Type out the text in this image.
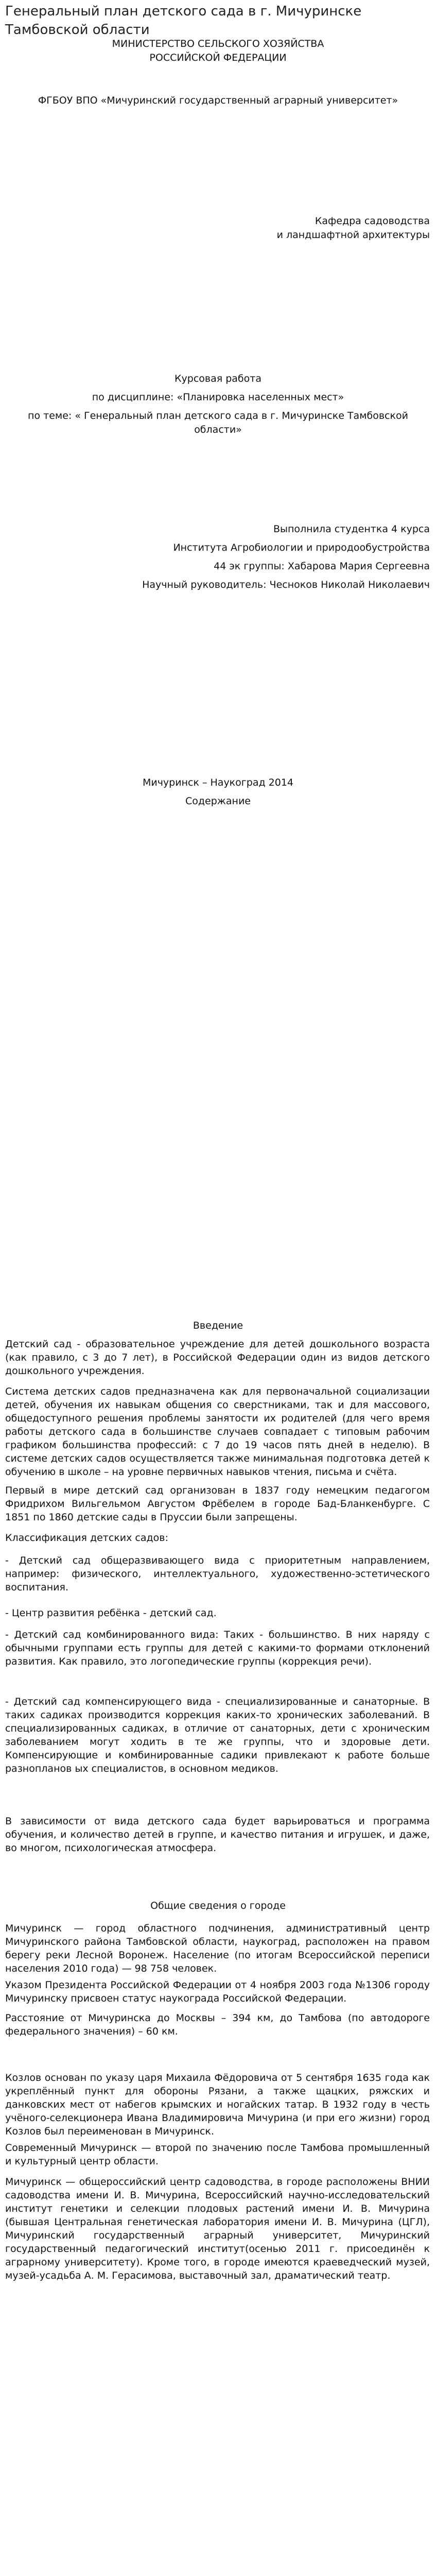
Генеральный план детского сада в г. Мичуринске Тамбовской области
МИНИСТЕРСТВО СЕЛЬСКОГО ХОЗЯЙСТВА
РОССИЙСКОЙ ФЕДЕРАЦИИ
ФГБОУ ВПО «Мичуринский государственный аграрный университет»
Кафедра садоводства
и ландшафтной архитектуры
Курсовая работа
по дисциплине: «Планировка населенных мест»
по теме: « Генеральный план детского сада в г. Мичуринске Тамбовской
области»
Выполнила студентка 4 курса
Института Агробиологии и природообустройства
44 эк группы: Хабарова Мария Сергеевна
Научный руководитель: Чесноков Николай Николаевич
Мичуринск – Наукоград 2014
Содержание
Введение

Детский сад - образовательное учреждение для детей дошкольного возраста (как правило, с 3 до 7 лет), в Российской Федерации один из видов детского дошкольного учреждения.

Система детских садов предназначена как для первоначальной социализации детей, обучения их навыкам общения со сверстниками, так и для массового, общедоступного решения проблемы занятости их родителей (для чего время работы детского сада в большинстве случаев совпадает с типовым рабочим графиком большинства профессий: с 7 до 19 часов пять дней в неделю). В системе детских садов осуществляется также минимальная подготовка детей к обучению в школе – на уровне первичных навыков чтения, письма и счёта.

Первый в мире детский сад организован в 1837 году немецким педагогом Фридрихом Вильгельмом Августом Фрёбелем в городе Бад-Бланкенбурге. С 1851 по 1860 детские сады в Пруссии были запрещены.

Классификация детских садов:

- Детский сад общеразвивающего вида с приоритетным направлением, например: физического, интеллектуального, художественно-эстетического воспитания.

- Центр развития ребёнка - детский сад.

- Детский сад комбинированного вида: Таких - большинство. В них наряду с обычными группами есть группы для детей с какими-то формами отклонений развития. Как правило, это логопедические группы (коррекция речи).

- Детский сад компенсирующего вида - специализированные и санаторные. В таких садиках производится коррекция каких-то хронических заболеваний. В специализированных садиках, в отличие от санаторных, дети с хроническим заболеванием могут ходить в те же группы, что и здоровые дети. Компенсирующие и комбинированные садики привлекают к работе больше разнопланов ых специалистов, в основном медиков.

В зависимости от вида детского сада будет варьироваться и программа обучения, и количество детей в группе, и качество питания и игрушек, и даже, во многом, психологическая атмосфера.

Общие сведения о городе

Мичуринск — город областного подчинения, административный центр Мичуринского района Тамбовской области, наукоград, расположен на правом берегу реки Лесной Воронеж. Население (по итогам Всероссийской переписи населения 2010 года) — 98 758 человек.

Указом Президента Российской Федерации от 4 ноября 2003 года №1306 городу Мичуринску присвоен статус наукограда Российской Федерации.

Расстояние от Мичуринска до Москвы – 394 км, до Тамбова (по автодороге федерального значения) – 60 км.

Козлов основан по указу царя Михаила Фёдоровича от 5 сентября 1635 года как укреплённый пункт для обороны Рязани, а также щацких, ряжских и данковских мест от набегов крымских и ногайских татар. В 1932 году в честь учёного-селекционера Ивана Владимировича Мичурина (и при его жизни) город Козлов был переименован в Мичуринск.

Современный Мичуринск — второй по значению после Тамбова промышленный и культурный центр области.

Мичуринск — общероссийский центр садоводства, в городе расположены ВНИИ садоводства имени И. В. Мичурина, Всероссийский научно-исследовательский институт генетики и селекции плодовых растений имени И. В. Мичурина (бывшая Центральная генетическая лаборатория имени И. В. Мичурина (ЦГЛ), Мичуринский государственный аграрный университет, Мичуринский государственный педагогический институт(осенью 2011 г. присоединён к аграрному университету). Кроме того, в городе имеются краеведческий музей, музей-усадьба А. М. Герасимова, выставочный зал, драматический театр.
